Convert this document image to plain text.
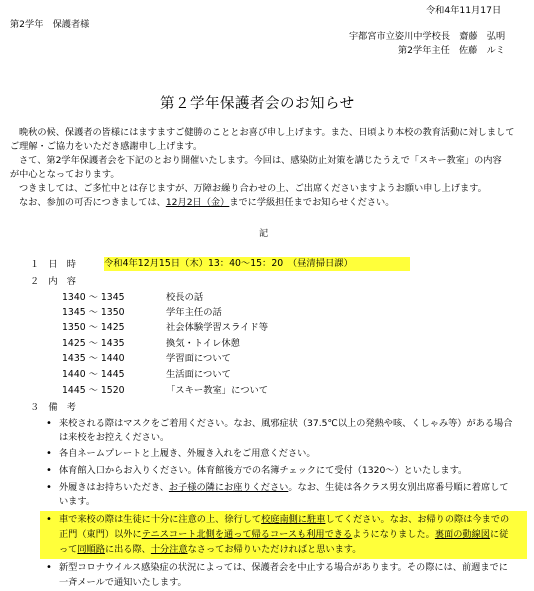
令和4年11月17日
第2学年　保護者様
宇都宮市立姿川中学校長　齋藤　弘明
第2学年主任　佐藤　ルミ
第２学年保護者会のお知らせ
晩秋の候、保護者の皆様にはますますご健勝のこととお喜び申し上げます。また、日頃より本校の教育活動に対しまして
ご理解・ご協力をいただき感謝申し上げます。
さて、第2学年保護者会を下記のとおり開催いたします。今回は、感染防止対策を講じたうえで「スキー教室」の内容
が中心となっております。
つきましては、ご多忙中とは存じますが、万障お繰り合わせの上、ご出席くださいますようお願い申し上げます。
なお、参加の可否につきましては、12月2日（金）までに学級担任までお知らせください。
記
１　日　時	令和4年12月15日（木）13：40～15：20　（昼清掃日課）
２　内　容
1340 ～ 1345	校長の話
1345 ～ 1350	学年主任の話
1350 ～ 1425	社会体験学習スライド等
1425 ～ 1435	換気・トイレ休憩
1435 ～ 1440	学習面について
1440 ～ 1445	生活面について
1445 ～ 1520	「スキー教室」について
３　備　考
• 来校される際はマスクをご着用ください。なお、風邪症状（37.5℃以上の発熱や咳、くしゃみ等）がある場合
は来校をお控えください。
• 各自ネームプレートと上履き、外履き入れをご用意ください。
• 体育館入口からお入りください。体育館後方での名簿チェックにて受付（1320～）といたします。
• 外履きはお持ちいただき、お子様の隣にお座りください。なお、生徒は各クラス男女別出席番号順に着席して
います。
• 車で来校の際は生徒に十分に注意の上、徐行して校庭南側に駐車してください。なお、お帰りの際は今までの
正門（東門）以外にテニスコート北側を通って帰るコースも利用できるようになりました。裏面の動線図に従
って同順路に出る際、十分注意なさってお帰りいただければと思います。
• 新型コロナウイルス感染症の状況によっては、保護者会を中止する場合があります。その際には、前週までに
一斉メールで通知いたします。
